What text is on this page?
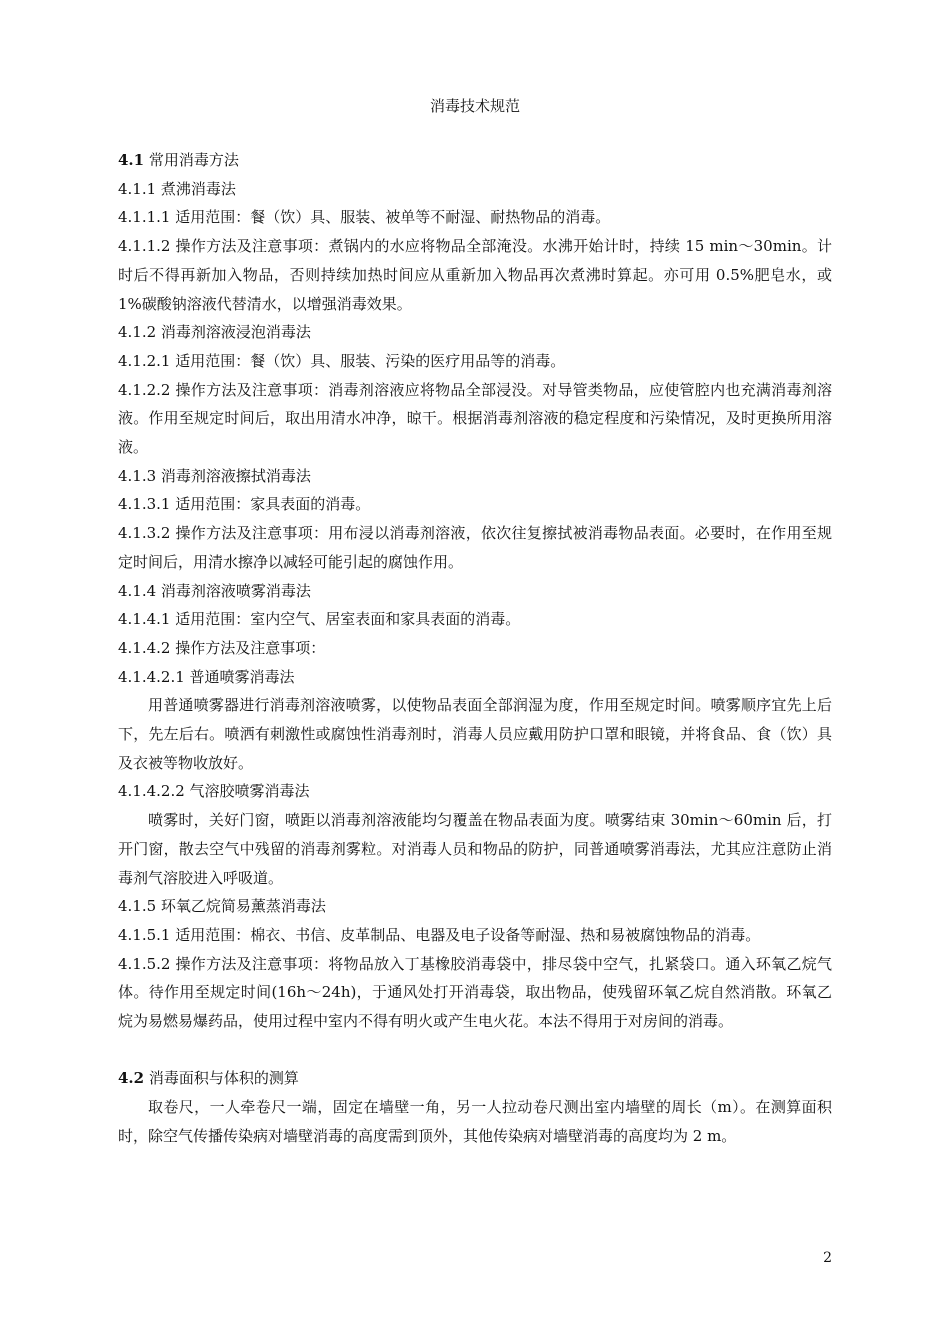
消毒技术规范

4.1 常用消毒方法

4.1.1 煮沸消毒法

4.1.1.1 适用范围：餐（饮）具、服装、被单等不耐湿、耐热物品的消毒。

4.1.1.2 操作方法及注意事项：煮锅内的水应将物品全部淹没。水沸开始计时，持续 15 min～30min。计时后不得再新加入物品，否则持续加热时间应从重新加入物品再次煮沸时算起。亦可用 0.5%肥皂水，或 1%碳酸钠溶液代替清水，以增强消毒效果。

4.1.2 消毒剂溶液浸泡消毒法

4.1.2.1 适用范围：餐（饮）具、服装、污染的医疗用品等的消毒。

4.1.2.2 操作方法及注意事项：消毒剂溶液应将物品全部浸没。对导管类物品，应使管腔内也充满消毒剂溶液。作用至规定时间后，取出用清水冲净，晾干。根据消毒剂溶液的稳定程度和污染情况，及时更换所用溶液。

4.1.3 消毒剂溶液擦拭消毒法

4.1.3.1 适用范围：家具表面的消毒。

4.1.3.2 操作方法及注意事项：用布浸以消毒剂溶液，依次往复擦拭被消毒物品表面。必要时，在作用至规定时间后，用清水擦净以减轻可能引起的腐蚀作用。

4.1.4 消毒剂溶液喷雾消毒法

4.1.4.1 适用范围：室内空气、居室表面和家具表面的消毒。

4.1.4.2 操作方法及注意事项：

4.1.4.2.1 普通喷雾消毒法

用普通喷雾器进行消毒剂溶液喷雾，以使物品表面全部润湿为度，作用至规定时间。喷雾顺序宜先上后下，先左后右。喷洒有刺激性或腐蚀性消毒剂时，消毒人员应戴用防护口罩和眼镜，并将食品、食（饮）具及衣被等物收放好。

4.1.4.2.2 气溶胶喷雾消毒法

喷雾时，关好门窗，喷距以消毒剂溶液能均匀覆盖在物品表面为度。喷雾结束 30min～60min 后，打开门窗，散去空气中残留的消毒剂雾粒。对消毒人员和物品的防护，同普通喷雾消毒法，尤其应注意防止消毒剂气溶胶进入呼吸道。

4.1.5 环氧乙烷简易薰蒸消毒法

4.1.5.1 适用范围：棉衣、书信、皮革制品、电器及电子设备等耐湿、热和易被腐蚀物品的消毒。

4.1.5.2 操作方法及注意事项：将物品放入丁基橡胶消毒袋中，排尽袋中空气，扎紧袋口。通入环氧乙烷气体。待作用至规定时间(16h～24h)，于通风处打开消毒袋，取出物品，使残留环氧乙烷自然消散。环氧乙烷为易燃易爆药品，使用过程中室内不得有明火或产生电火花。本法不得用于对房间的消毒。

4.2 消毒面积与体积的测算

取卷尺，一人牵卷尺一端，固定在墙壁一角，另一人拉动卷尺测出室内墙壁的周长（m）。在测算面积时，除空气传播传染病对墙壁消毒的高度需到顶外，其他传染病对墙壁消毒的高度均为 2 m。

2
